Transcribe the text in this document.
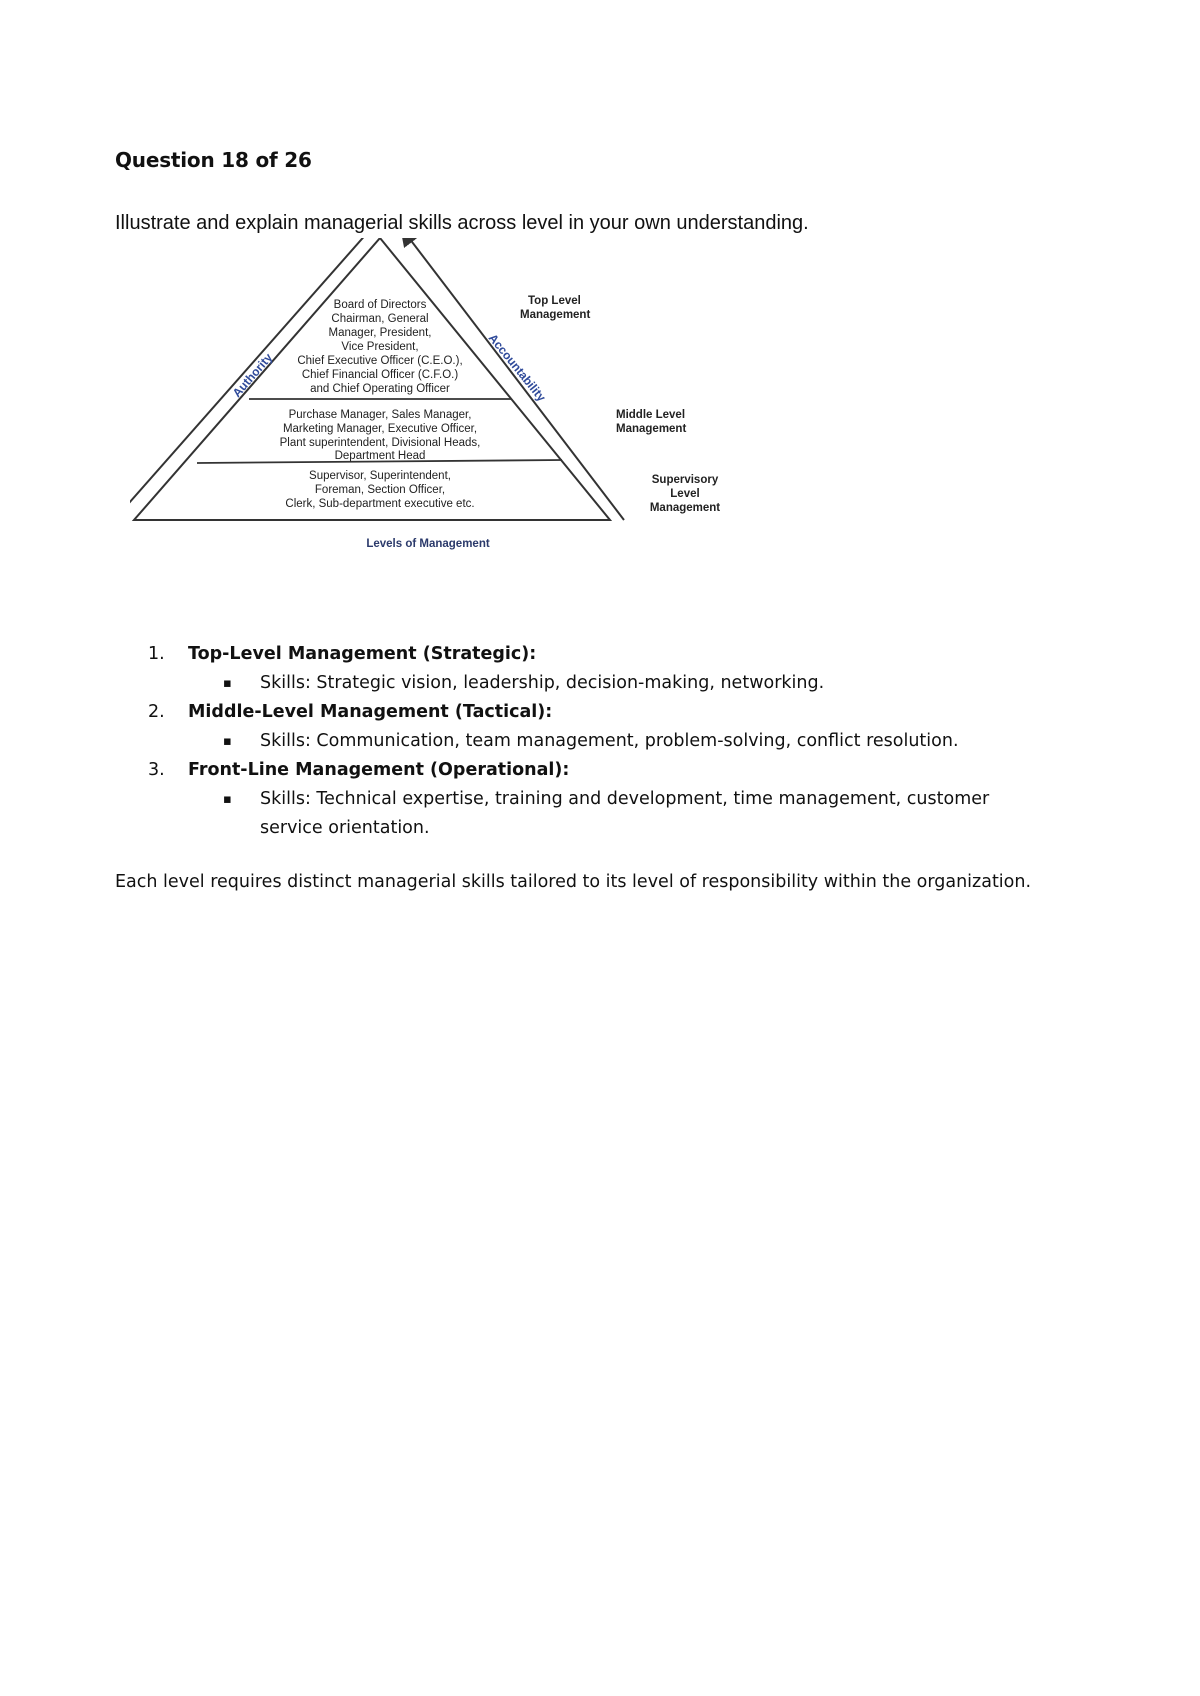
Question 18 of 26
Illustrate and explain managerial skills across level in your own understanding.
Board of Directors
Chairman, General
Manager, President,
Vice President,
Chief Executive Officer (C.E.O.),
Chief Financial Officer (C.F.O.)
and Chief Operating Officer
Purchase Manager, Sales Manager,
Marketing Manager, Executive Officer,
Plant superintendent, Divisional Heads,
Department Head
Supervisor, Superintendent,
Foreman, Section Officer,
Clerk, Sub-department executive etc.
Top Level
Management
Middle Level
Management
Supervisory
Level
Management
Authority	Accountability
Levels of Management
1. Top-Level Management (Strategic):
▪ Skills: Strategic vision, leadership, decision-making, networking.
2. Middle-Level Management (Tactical):
▪ Skills: Communication, team management, problem-solving, conflict resolution.
3. Front-Line Management (Operational):
▪ Skills: Technical expertise, training and development, time management, customer
service orientation.
Each level requires distinct managerial skills tailored to its level of responsibility within the organization.
